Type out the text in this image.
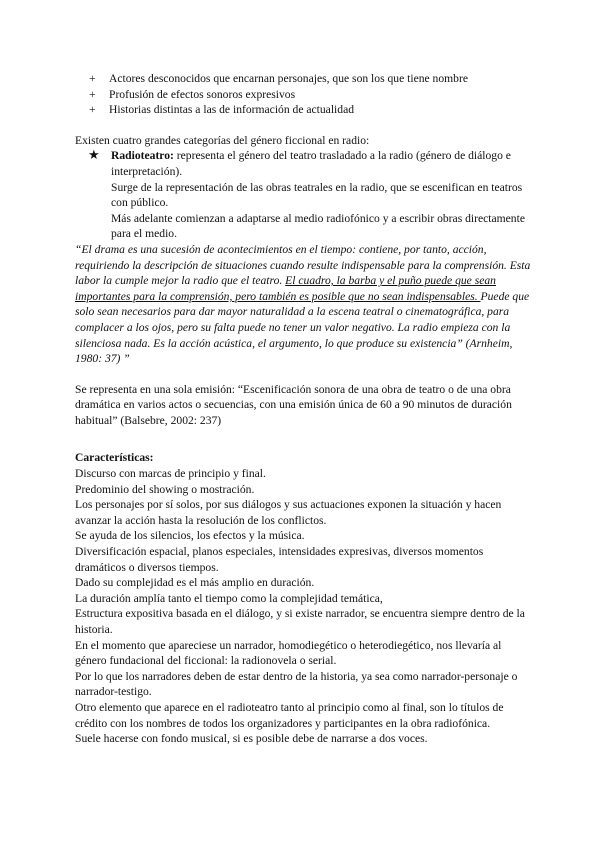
+ Actores desconocidos que encarnan personajes, que son los que tiene nombre
+ Profusión de efectos sonoros expresivos
+ Historias distintas a las de información de actualidad

Existen cuatro grandes categorías del género ficcional en radio:

★ Radioteatro: representa el género del teatro trasladado a la radio (género de diálogo e interpretación).

Surge de la representación de las obras teatrales en la radio, que se escenifican en teatros con público.

Más adelante comienzan a adaptarse al medio radiofónico y a escribir obras directamente para el medio.

“El drama es una sucesión de acontecimientos en el tiempo: contiene, por tanto, acción, requiriendo la descripción de situaciones cuando resulte indispensable para la comprensión. Esta labor la cumple mejor la radio que el teatro. El cuadro, la barba y el puño puede que sean importantes para la comprensión, pero también es posible que no sean indispensables. Puede que solo sean necesarios para dar mayor naturalidad a la escena teatral o cinematográfica, para complacer a los ojos, pero su falta puede no tener un valor negativo. La radio empieza con la silenciosa nada. Es la acción acústica, el argumento, lo que produce su existencia” (Arnheim, 1980: 37) ”

Se representa en una sola emisión: “Escenificación sonora de una obra de teatro o de una obra dramática en varios actos o secuencias, con una emisión única de 60 a 90 minutos de duración habitual” (Balsebre, 2002: 237)

Características:

Discurso con marcas de principio y final.

Predominio del showing o mostración.

Los personajes por sí solos, por sus diálogos y sus actuaciones exponen la situación y hacen avanzar la acción hasta la resolución de los conflictos.

Se ayuda de los silencios, los efectos y la música.

Diversificación espacial, planos especiales, intensidades expresivas, diversos momentos dramáticos o diversos tiempos.

Dado su complejidad es el más amplio en duración.

La duración amplía tanto el tiempo como la complejidad temática,

Estructura expositiva basada en el diálogo, y si existe narrador, se encuentra siempre dentro de la historia.

En el momento que apareciese un narrador, homodiegético o heterodiegético, nos llevaría al género fundacional del ficcional: la radionovela o serial.

Por lo que los narradores deben de estar dentro de la historia, ya sea como narrador-personaje o narrador-testigo.

Otro elemento que aparece en el radioteatro tanto al principio como al final, son lo títulos de crédito con los nombres de todos los organizadores y participantes en la obra radiofónica.

Suele hacerse con fondo musical, si es posible debe de narrarse a dos voces.
